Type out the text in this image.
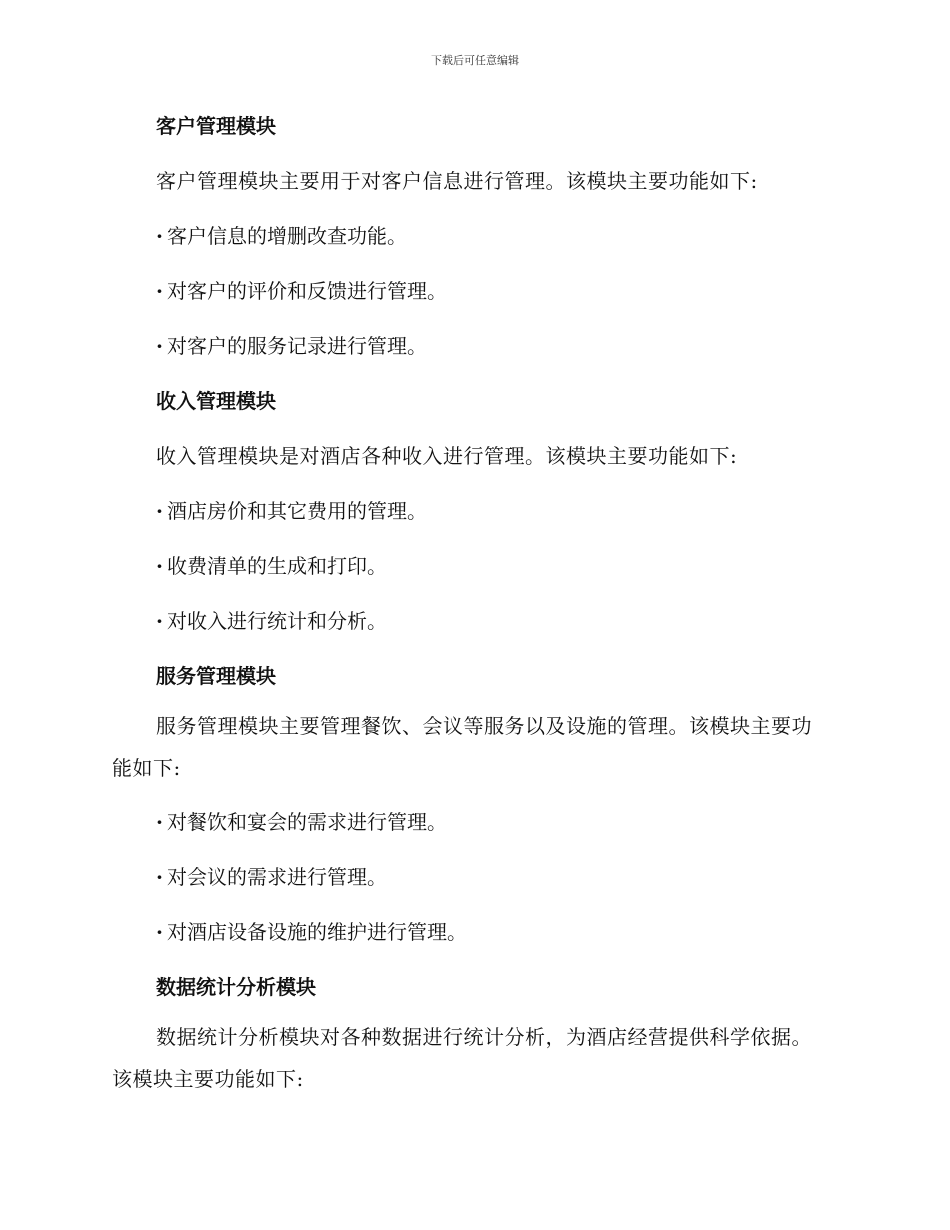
下载后可任意编辑
客户管理模块
客户管理模块主要用于对客户信息进行管理。该模块主要功能如下:
· 客户信息的增删改查功能。
· 对客户的评价和反馈进行管理。
· 对客户的服务记录进行管理。
收入管理模块
收入管理模块是对酒店各种收入进行管理。该模块主要功能如下:
· 酒店房价和其它费用的管理。
· 收费清单的生成和打印。
· 对收入进行统计和分析。
服务管理模块
服务管理模块主要管理餐饮、会议等服务以及设施的管理。该模块主要功能如下:
· 对餐饮和宴会的需求进行管理。
· 对会议的需求进行管理。
· 对酒店设备设施的维护进行管理。
数据统计分析模块
数据统计分析模块对各种数据进行统计分析，为酒店经营提供科学依据。该模块主要功能如下:
